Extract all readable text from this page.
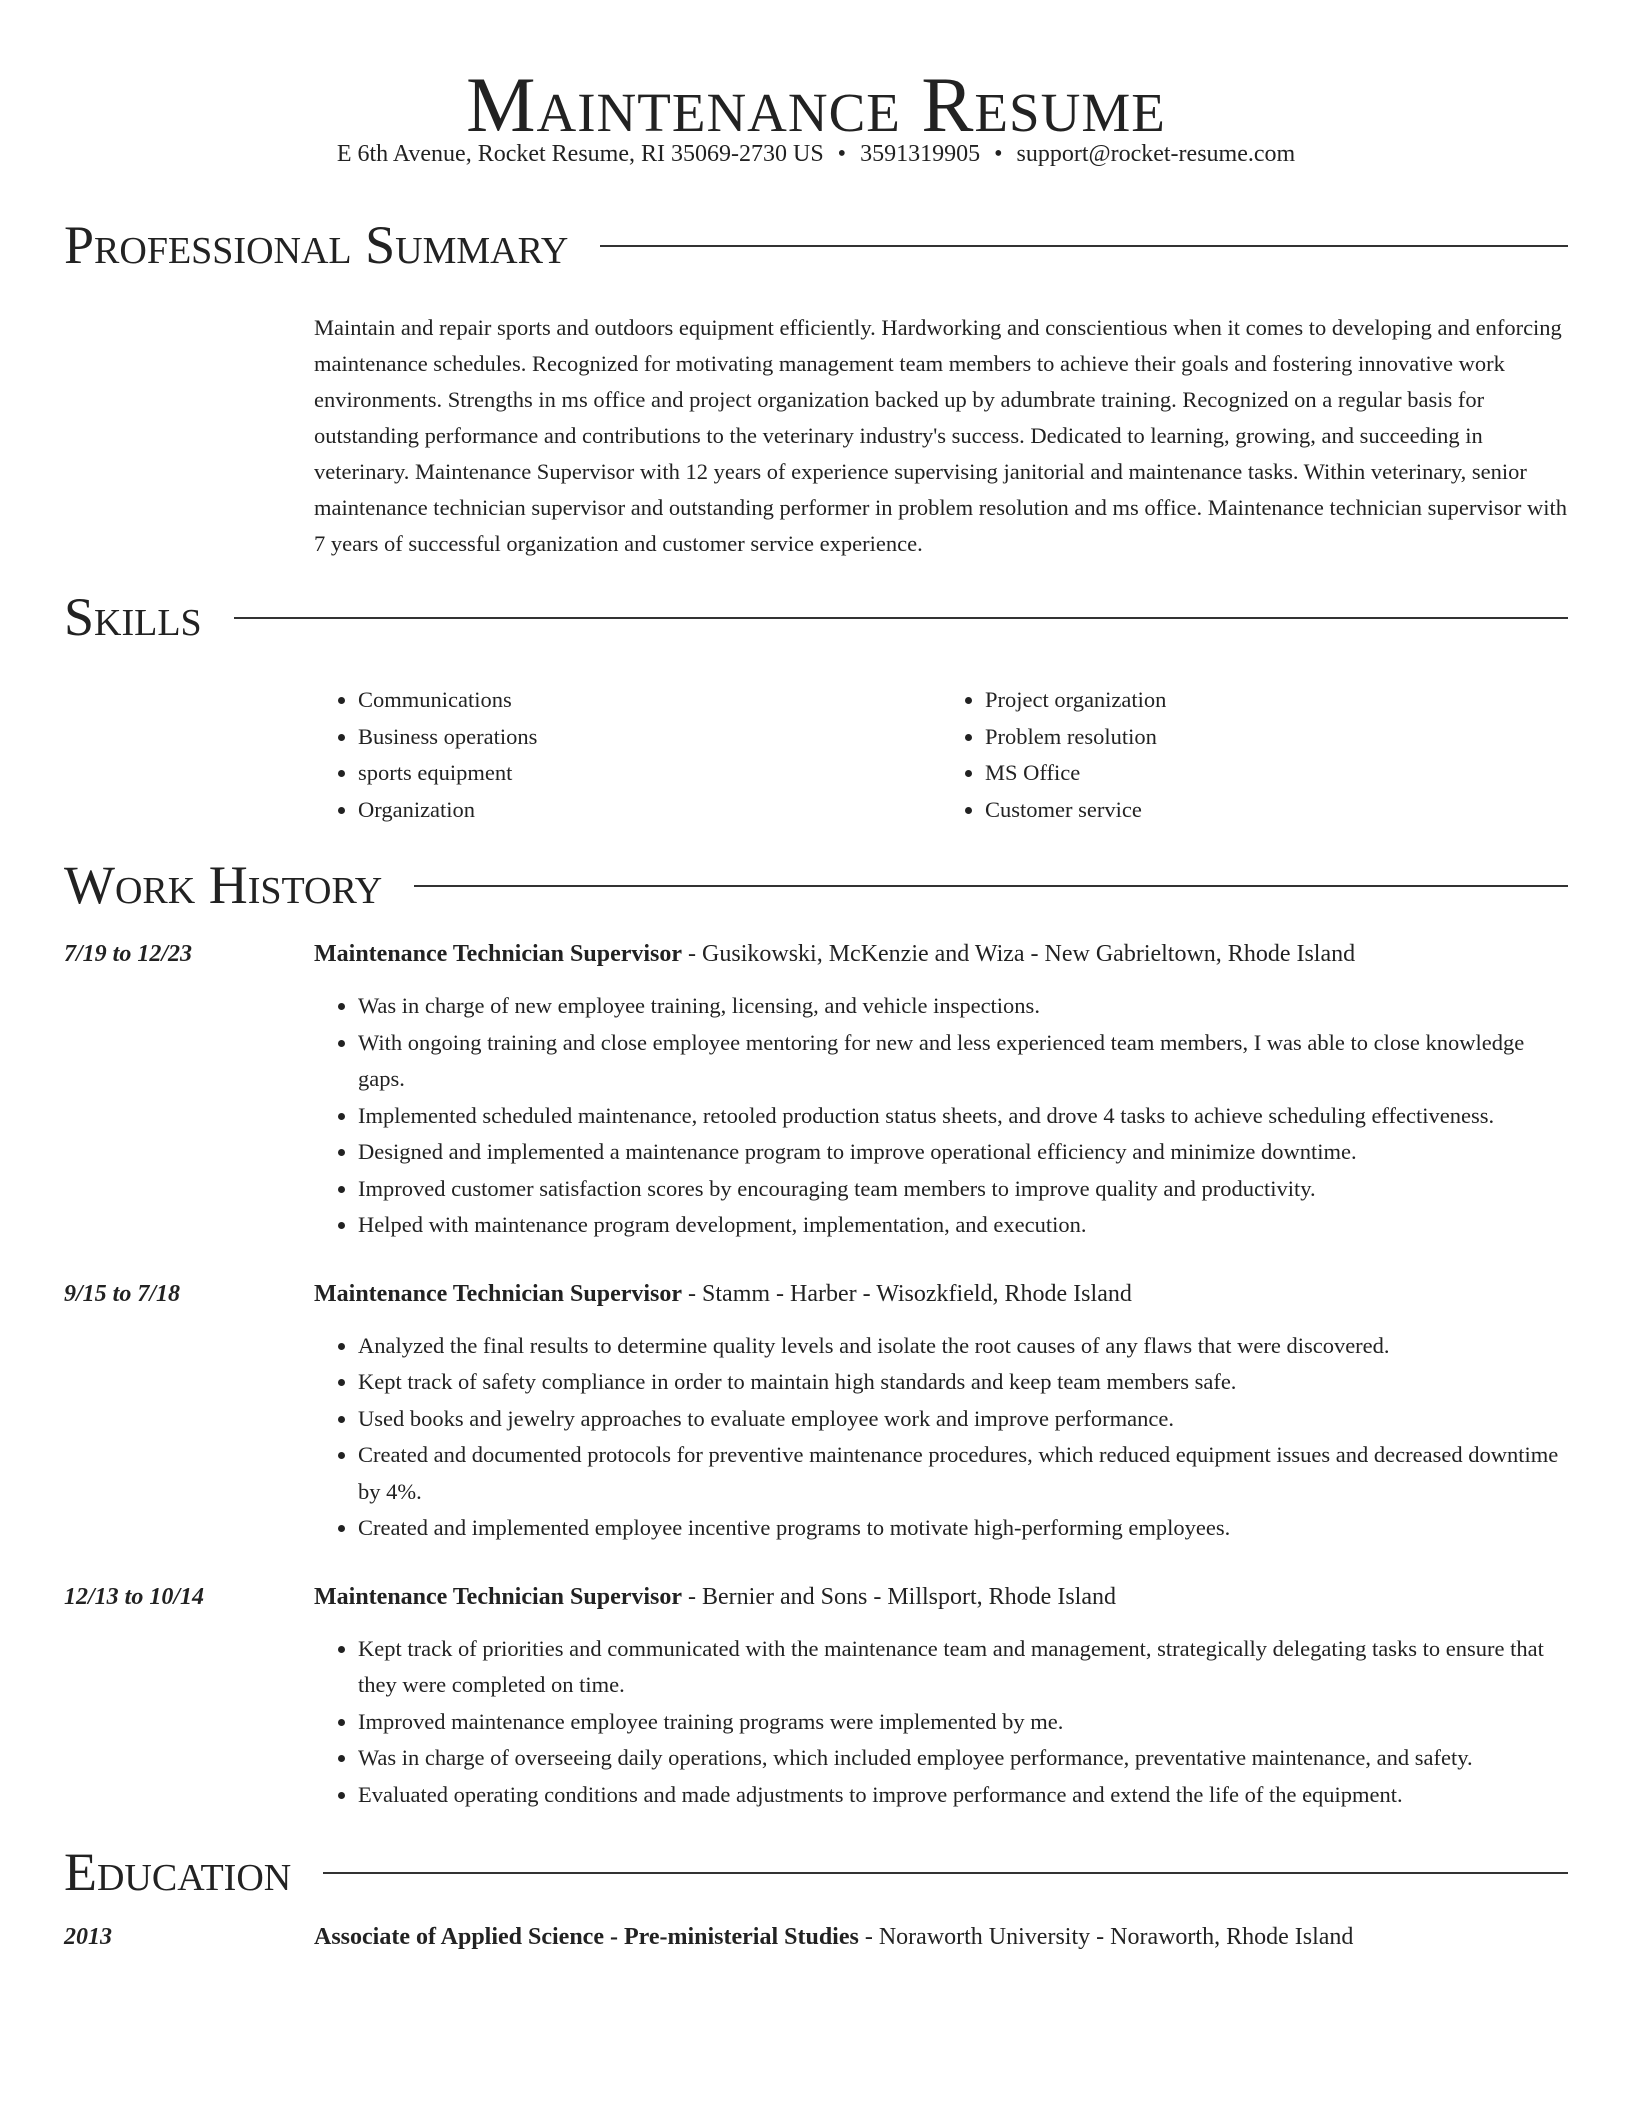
Maintenance Resume
E 6th Avenue, Rocket Resume, RI 35069-2730 US • 3591319905 • support@rocket-resume.com
Professional Summary

Maintain and repair sports and outdoors equipment efficiently. Hardworking and conscientious when it comes to developing and enforcing maintenance schedules. Recognized for motivating management team members to achieve their goals and fostering innovative work environments. Strengths in ms office and project organization backed up by adumbrate training. Recognized on a regular basis for outstanding performance and contributions to the veterinary industry's success. Dedicated to learning, growing, and succeeding in veterinary. Maintenance Supervisor with 12 years of experience supervising janitorial and maintenance tasks. Within veterinary, senior maintenance technician supervisor and outstanding performer in problem resolution and ms office. Maintenance technician supervisor with 7 years of successful organization and customer service experience.

Skills
• Communications
• Business operations
• sports equipment
• Organization
• Project organization
• Problem resolution
• MS Office
• Customer service
Work History
7/19 to 12/23	Maintenance Technician Supervisor - Gusikowski, McKenzie and Wiza - New Gabrieltown, Rhode Island
• Was in charge of new employee training, licensing, and vehicle inspections.
• With ongoing training and close employee mentoring for new and less experienced team members, I was able to close knowledge gaps.
• Implemented scheduled maintenance, retooled production status sheets, and drove 4 tasks to achieve scheduling effectiveness.
• Designed and implemented a maintenance program to improve operational efficiency and minimize downtime.
• Improved customer satisfaction scores by encouraging team members to improve quality and productivity.
• Helped with maintenance program development, implementation, and execution.
9/15 to 7/18	Maintenance Technician Supervisor - Stamm - Harber - Wisozkfield, Rhode Island
• Analyzed the final results to determine quality levels and isolate the root causes of any flaws that were discovered.
• Kept track of safety compliance in order to maintain high standards and keep team members safe.
• Used books and jewelry approaches to evaluate employee work and improve performance.
• Created and documented protocols for preventive maintenance procedures, which reduced equipment issues and decreased downtime by 4%.
• Created and implemented employee incentive programs to motivate high-performing employees.
12/13 to 10/14	Maintenance Technician Supervisor - Bernier and Sons - Millsport, Rhode Island
• Kept track of priorities and communicated with the maintenance team and management, strategically delegating tasks to ensure that they were completed on time.
• Improved maintenance employee training programs were implemented by me.
• Was in charge of overseeing daily operations, which included employee performance, preventative maintenance, and safety.
• Evaluated operating conditions and made adjustments to improve performance and extend the life of the equipment.
Education
2013	Associate of Applied Science - Pre-ministerial Studies - Noraworth University - Noraworth, Rhode Island
